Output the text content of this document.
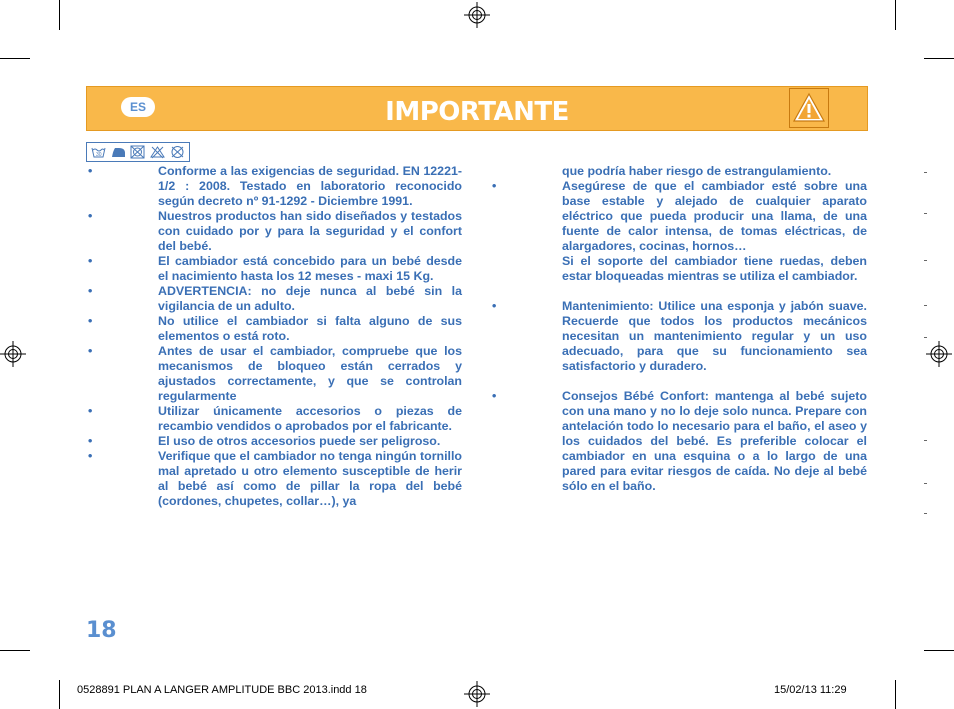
ES	IMPORTANTE
30
•	Conforme a las exigencias de seguridad. EN 12221-1/2 : 2008. Testado en laboratorio reconocido según decreto nº 91-1292 - Diciembre 1991.
•	Nuestros productos han sido diseñados y testados con cuidado por y para la seguridad y el confort del bebé.
•	El cambiador está concebido para un bebé desde el nacimiento hasta los 12 meses - maxi 15 Kg.
•	ADVERTENCIA: no deje nunca al bebé sin la vigilancia de un adulto.
•	No utilice el cambiador si falta alguno de sus elementos o está roto.
•	Antes de usar el cambiador, compruebe que los mecanismos de bloqueo están cerrados y ajustados correctamente, y que se controlan regularmente
•	Utilizar únicamente accesorios o piezas de recambio vendidos o aprobados por el fabricante.
•	El uso de otros accesorios puede ser peligroso.
•	Verifique que el cambiador no tenga ningún tornillo mal apretado u otro elemento susceptible de herir al bebé así como de pillar la ropa del bebé (cordones, chupetes, collar…), ya
que podría haber riesgo de estrangulamiento.
•	Asegúrese de que el cambiador esté sobre una base estable y alejado de cualquier aparato eléctrico que pueda producir una llama, de una fuente de calor intensa, de tomas eléctricas, de alargadores, cocinas, hornos…
Si el soporte del cambiador tiene ruedas, deben estar bloqueadas mientras se utiliza el cambiador.
•	Mantenimiento: Utilice una esponja y jabón suave. Recuerde que todos los productos mecánicos necesitan un mantenimiento regular y un uso adecuado, para que su funcionamiento sea satisfactorio y duradero.
•	Consejos Bébé Confort: mantenga al bebé sujeto con una mano y no lo deje solo nunca. Prepare con antelación todo lo necesario para el baño, el aseo y los cuidados del bebé. Es preferible colocar el cambiador en una esquina o a lo largo de una pared para evitar riesgos de caída. No deje al bebé sólo en el baño.
18
0528891 PLAN A LANGER AMPLITUDE BBC 2013.indd 18	15/02/13 11:29
